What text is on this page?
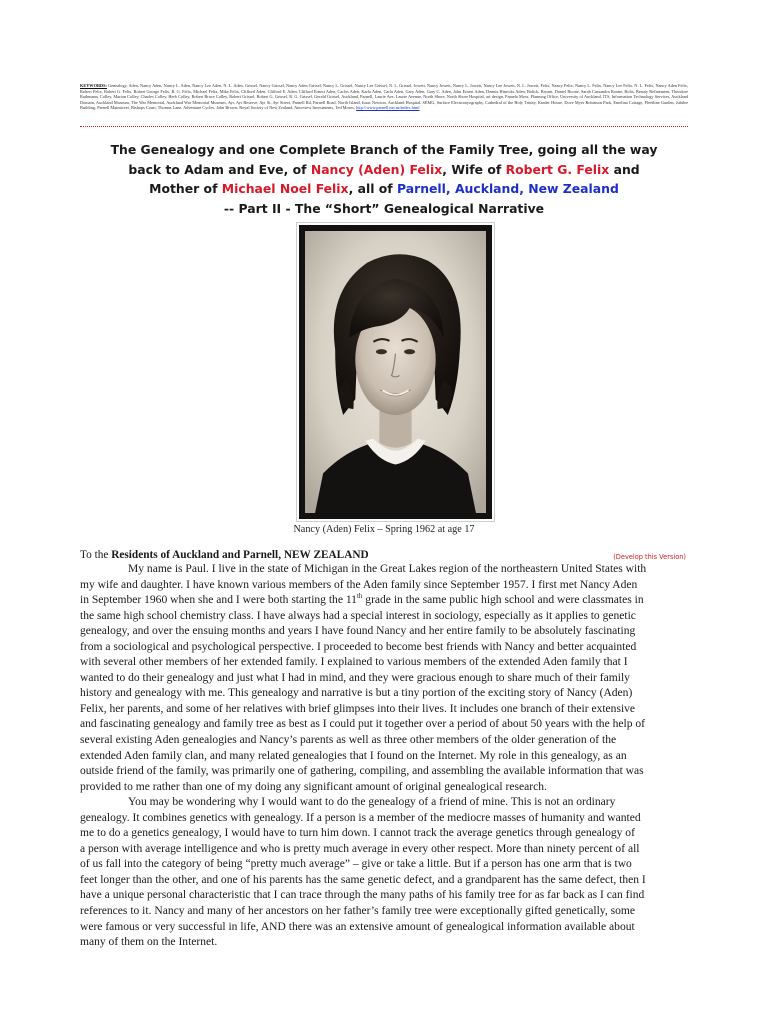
KEYWORDS: Genealogy, Aden, Nancy Aden, Nancy L. Aden, Nancy Lee Aden, N. L. Aden, Grissel, Nancy Grissel, Nancy Aden Grissel, Nancy L. Grissel, Nancy Lee Grissel, N. L. Grissel, Jowett, Nancy Jowett, Nancy L. Jowett, Nancy Lee Jowett, N. L. Jowett, Felix, Nancy Felix, Nancy L. Felix, Nancy Lee Felix, N. L. Felix, Nancy Aden Felix, Robert Felix, Robert G. Felix, Robert George Felix, R. G. Felix, Michael Felix, Mike Felix, Clifford Aden, Clifford E. Aden, Clifford Ernest Aden, Carlos Aden, Karla Aden, Carla Aden, Gary Aden, Gary C. Aden, John Ernest Aden, Dennis Hinricks Aden, Bolick, Bryant, Daniel Boone, Sarah Cassandra Boone, Bolts, Beauty Refinement, Theodore Rathmann, Colley, Marion Colley, Charles Colley, Herb Colley, Robert Bruce Colley, Robert Grissel, Robert G. Grissel, R. G. Grissel, Gerald Grissel, Auckland, Parnell, Laurie Ave, Laurie Avenue, North Shore, North Shore Hospital, art design, Pamela Moss, Planning Office, University of Auckland, ITS, Information Technology Services, Auckland Domain, Auckland Museum, The War Memorial, Auckland War Memorial Museum, Ayr, Ayr Reserve, Ayr St, Ayr Street, Parnell Rd, Parnell Road, North Island, Isaac Newton, Auckland Hospital, SEMG, Surface Electromyography, Cathedral of the Holy Trinity, Kinder House, Dove Myer Robinson Park, Emelina Cottage, Fleetline Garden, Jubilee Building, Parnell Mainstreet, Bishops Court, Thomas Lane, Adventure Cycles, John Brown, Royal Society of New Zealand, Anorview Investments, Ted Moses, http://www.parnell.net.nz/index.html
The Genealogy and one Complete Branch of the Family Tree, going all the way
back to Adam and Eve, of Nancy (Aden) Felix, Wife of Robert G. Felix and
Mother of Michael Noel Felix, all of Parnell, Auckland, New Zealand
-- Part II - The “Short” Genealogical Narrative
Nancy (Aden) Felix – Spring 1962 at age 17
To the Residents of Auckland and Parnell, NEW ZEALAND	(Develop this Version)
My name is Paul. I live in the state of Michigan in the Great Lakes region of the northeastern United States with
my wife and daughter. I have known various members of the Aden family since September 1957. I first met Nancy Aden
in September 1960 when she and I were both starting the 11th grade in the same public high school and were classmates in
the same high school chemistry class. I have always had a special interest in sociology, especially as it applies to genetic
genealogy, and over the ensuing months and years I have found Nancy and her entire family to be absolutely fascinating
from a sociological and psychological perspective. I proceeded to become best friends with Nancy and better acquainted
with several other members of her extended family. I explained to various members of the extended Aden family that I
wanted to do their genealogy and just what I had in mind, and they were gracious enough to share much of their family
history and genealogy with me. This genealogy and narrative is but a tiny portion of the exciting story of Nancy (Aden)
Felix, her parents, and some of her relatives with brief glimpses into their lives. It includes one branch of their extensive
and fascinating genealogy and family tree as best as I could put it together over a period of about 50 years with the help of
several existing Aden genealogies and Nancy’s parents as well as three other members of the older generation of the
extended Aden family clan, and many related genealogies that I found on the Internet. My role in this genealogy, as an
outside friend of the family, was primarily one of gathering, compiling, and assembling the available information that was
provided to me rather than one of my doing any significant amount of original genealogical research.
You may be wondering why I would want to do the genealogy of a friend of mine. This is not an ordinary
genealogy. It combines genetics with genealogy. If a person is a member of the mediocre masses of humanity and wanted
me to do a genetics genealogy, I would have to turn him down. I cannot track the average genetics through genealogy of
a person with average intelligence and who is pretty much average in every other respect. More than ninety percent of all
of us fall into the category of being “pretty much average” – give or take a little. But if a person has one arm that is two
feet longer than the other, and one of his parents has the same genetic defect, and a grandparent has the same defect, then I
have a unique personal characteristic that I can trace through the many paths of his family tree for as far back as I can find
references to it. Nancy and many of her ancestors on her father’s family tree were exceptionally gifted genetically, some
were famous or very successful in life, AND there was an extensive amount of genealogical information available about
many of them on the Internet.
